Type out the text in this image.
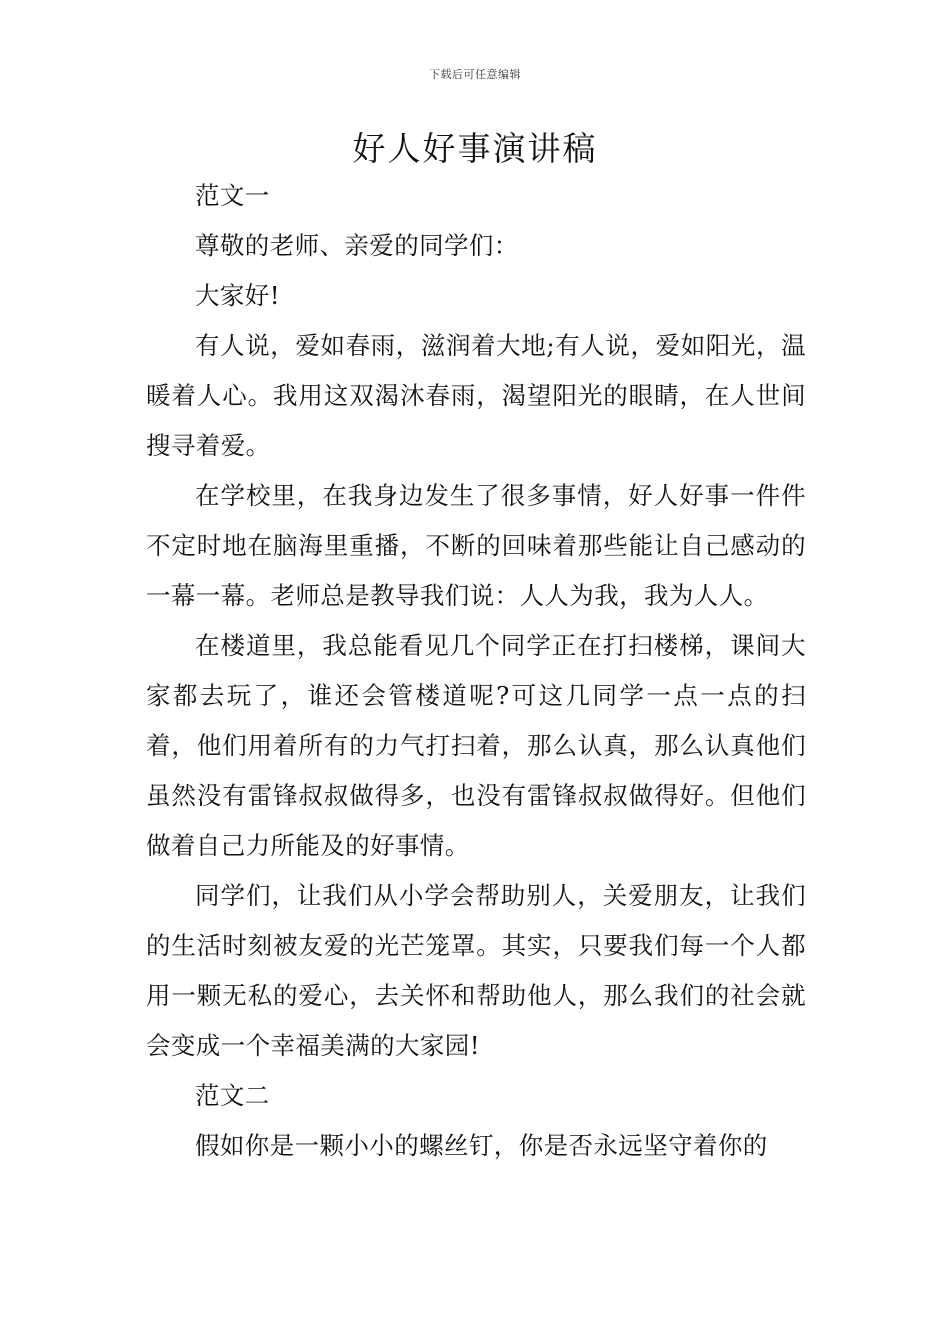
下载后可任意编辑
好人好事演讲稿

范文一

尊敬的老师、亲爱的同学们：

大家好!

有人说，爱如春雨，滋润着大地;有人说，爱如阳光，温暖着人心。我用这双渴沐春雨，渴望阳光的眼睛，在人世间搜寻着爱。

在学校里，在我身边发生了很多事情，好人好事一件件不定时地在脑海里重播，不断的回味着那些能让自己感动的一幕一幕。老师总是教导我们说：人人为我，我为人人。

在楼道里，我总能看见几个同学正在打扫楼梯，课间大家都去玩了，谁还会管楼道呢?可这几同学一点一点的扫着，他们用着所有的力气打扫着，那么认真，那么认真他们虽然没有雷锋叔叔做得多，也没有雷锋叔叔做得好。但他们做着自己力所能及的好事情。

同学们，让我们从小学会帮助别人，关爱朋友，让我们的生活时刻被友爱的光芒笼罩。其实，只要我们每一个人都用一颗无私的爱心，去关怀和帮助他人，那么我们的社会就会变成一个幸福美满的大家园!

范文二

假如你是一颗小小的螺丝钉，你是否永远坚守着你的
